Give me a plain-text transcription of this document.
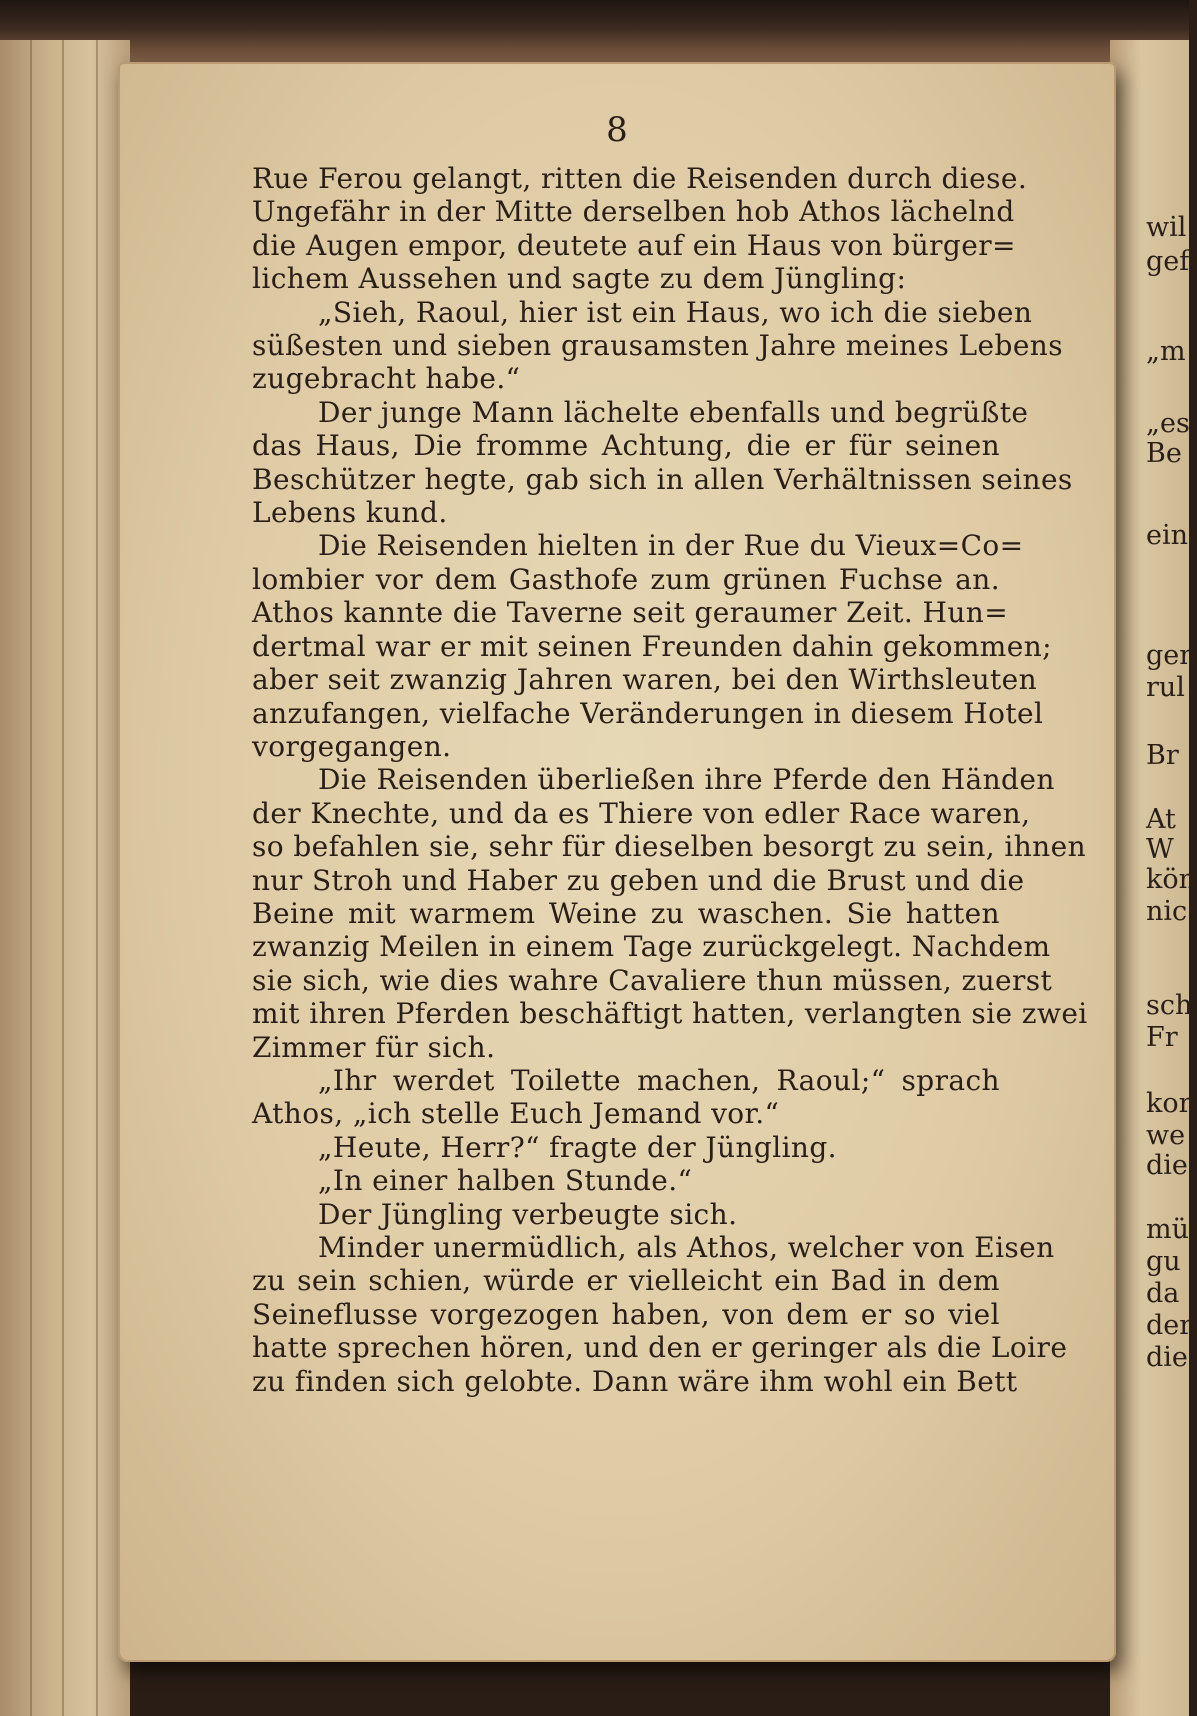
wil
gef
„m
„es
Be
ein
gen
rul
Br
At
W
kön
nic
sch
Fr
kor
we
die
mü
gu
da
der
die
8
Rue Ferou gelangt, ritten die Reisenden durch diese.
Ungefähr in der Mitte derselben hob Athos lächelnd
die Augen empor, deutete auf ein Haus von bürger=
lichem Aussehen und sagte zu dem Jüngling:
„Sieh, Raoul, hier ist ein Haus, wo ich die sieben
süßesten und sieben grausamsten Jahre meines Lebens
zugebracht habe.“
Der junge Mann lächelte ebenfalls und begrüßte
das Haus, Die fromme Achtung, die er für seinen
Beschützer hegte, gab sich in allen Verhältnissen seines
Lebens kund.
Die Reisenden hielten in der Rue du Vieux=Co=
lombier vor dem Gasthofe zum grünen Fuchse an.
Athos kannte die Taverne seit geraumer Zeit. Hun=
dertmal war er mit seinen Freunden dahin gekommen;
aber seit zwanzig Jahren waren, bei den Wirthsleuten
anzufangen, vielfache Veränderungen in diesem Hotel
vorgegangen.
Die Reisenden überließen ihre Pferde den Händen
der Knechte, und da es Thiere von edler Race waren,
so befahlen sie, sehr für dieselben besorgt zu sein, ihnen
nur Stroh und Haber zu geben und die Brust und die
Beine mit warmem Weine zu waschen. Sie hatten
zwanzig Meilen in einem Tage zurückgelegt. Nachdem
sie sich, wie dies wahre Cavaliere thun müssen, zuerst
mit ihren Pferden beschäftigt hatten, verlangten sie zwei
Zimmer für sich.
„Ihr werdet Toilette machen, Raoul;“ sprach
Athos, „ich stelle Euch Jemand vor.“
„Heute, Herr?“ fragte der Jüngling.
„In einer halben Stunde.“
Der Jüngling verbeugte sich.
Minder unermüdlich, als Athos, welcher von Eisen
zu sein schien, würde er vielleicht ein Bad in dem
Seineflusse vorgezogen haben, von dem er so viel
hatte sprechen hören, und den er geringer als die Loire
zu finden sich gelobte. Dann wäre ihm wohl ein Bett
